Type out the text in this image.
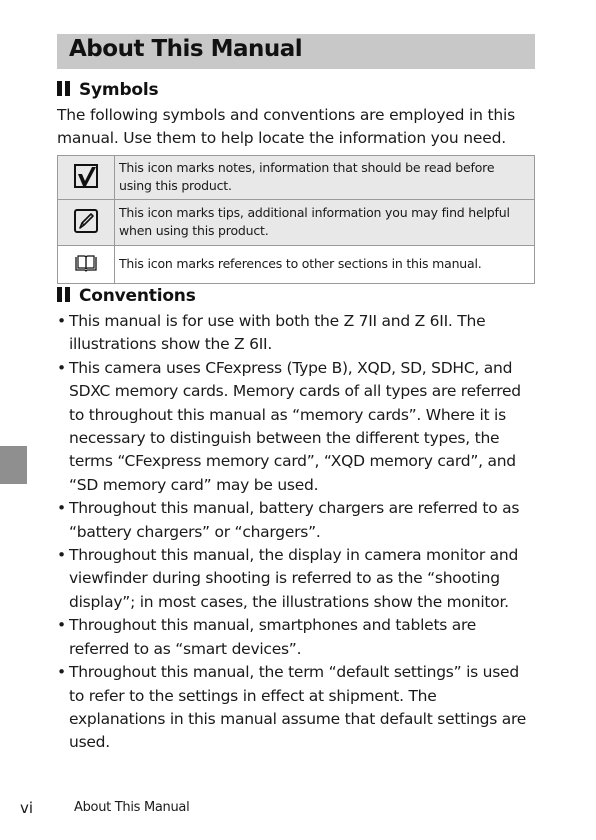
About This Manual
Symbols
The following symbols and conventions are employed in this manual. Use them to help locate the information you need.
	This icon marks notes, information that should be read before using this product.
	This icon marks tips, additional information you may find helpful when using this product.
	This icon marks references to other sections in this manual.
Conventions
• This manual is for use with both the Z 7II and Z 6II. The illustrations show the Z 6II.
• This camera uses CFexpress (Type B), XQD, SD, SDHC, and SDXC memory cards. Memory cards of all types are referred to throughout this manual as “memory cards”. Where it is necessary to distinguish between the different types, the terms “CFexpress memory card”, “XQD memory card”, and “SD memory card” may be used.
• Throughout this manual, battery chargers are referred to as “battery chargers” or “chargers”.
• Throughout this manual, the display in camera monitor and viewfinder during shooting is referred to as the “shooting display”; in most cases, the illustrations show the monitor.
• Throughout this manual, smartphones and tablets are referred to as “smart devices”.
• Throughout this manual, the term “default settings” is used to refer to the settings in effect at shipment. The explanations in this manual assume that default settings are used.
vi	About This Manual
